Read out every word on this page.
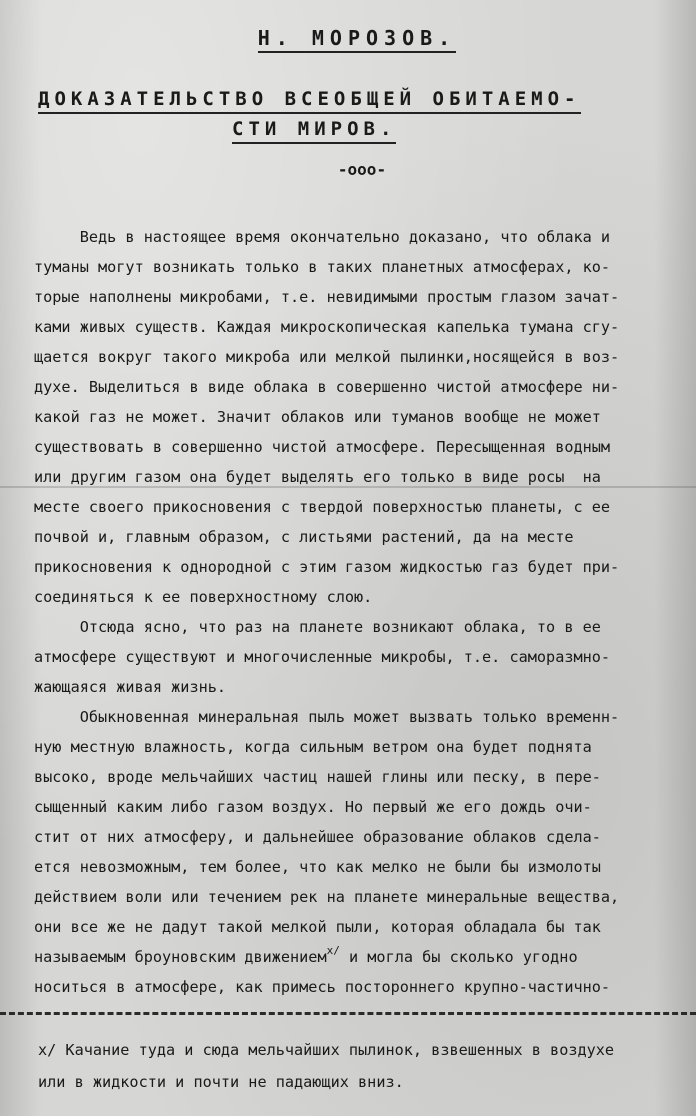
Н. МОРОЗОВ.
ДОКАЗАТЕЛЬСТВО ВСЕОБЩЕЙ ОБИТАЕМО-
СТИ МИРОВ.
-ооо-
Ведь в настоящее время окончательно доказано, что облака и
туманы могут возникать только в таких планетных атмосферах, ко-
торые наполнены микробами, т.е. невидимыми простым глазом зачат-
ками живых существ. Каждая микроскопическая капелька тумана сгу-
щается вокруг такого микроба или мелкой пылинки,носящейся в воз-
духе. Выделиться в виде облака в совершенно чистой атмосфере ни-
какой газ не может. Значит облаков или туманов вообще не может
существовать в совершенно чистой атмосфере. Пересыщенная водным
или другим газом она будет выделять его только в виде росы  на
месте своего прикосновения с твердой поверхностью планеты, с ее
почвой и, главным образом, с листьями растений, да на месте
прикосновения к однородной с этим газом жидкостью газ будет при-
соединяться к ее поверхностному слою.
Отсюда ясно, что раз на планете возникают облака, то в ее
атмосфере существуют и многочисленные микробы, т.е. саморазмно-
жающаяся живая жизнь.
Обыкновенная минеральная пыль может вызвать только временн-
ную местную влажность, когда сильным ветром она будет поднята
высоко, вроде мельчайших частиц нашей глины или песку, в пере-
сыщенный каким либо газом воздух. Но первый же его дождь очи-
стит от них атмосферу, и дальнейшее образование облаков сдела-
ется невозможным, тем более, что как мелко не были бы измолоты
действием воли или течением рек на планете минеральные вещества,
они все же не дадут такой мелкой пыли, которая обладала бы так
называемым броуновским движением$^{х/}$ и могла бы сколько угодно
носиться в атмосфере, как примесь постороннего крупно-частично-
х/ Качание туда и сюда мельчайших пылинок, взвешенных в воздухе
или в жидкости и почти не падающих вниз.
